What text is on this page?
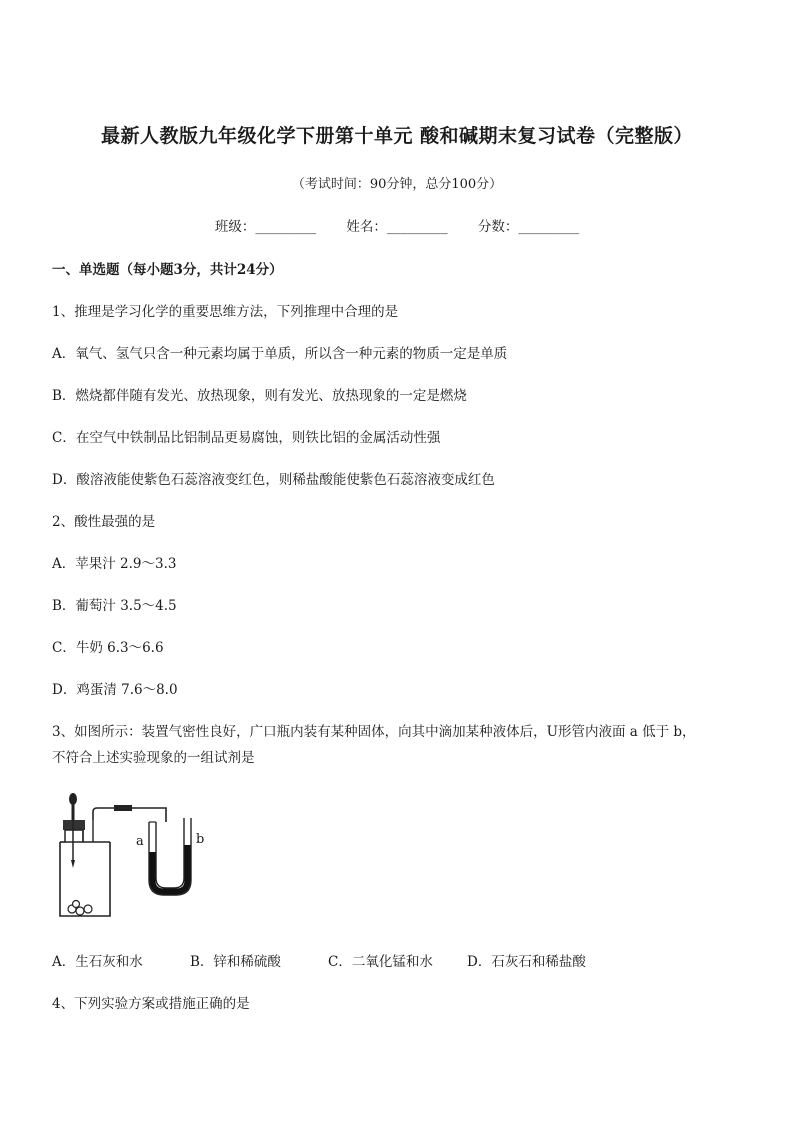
最新人教版九年级化学下册第十单元 酸和碱期末复习试卷（完整版）
（考试时间：90分钟，总分100分）
班级：_________ 姓名：_________ 分数：_________
一、单选题（每小题3分，共计24分）
1、推理是学习化学的重要思维方法，下列推理中合理的是
A．氧气、氢气只含一种元素均属于单质，所以含一种元素的物质一定是单质
B．燃烧都伴随有发光、放热现象，则有发光、放热现象的一定是燃烧
C．在空气中铁制品比铝制品更易腐蚀，则铁比铝的金属活动性强
D．酸溶液能使紫色石蕊溶液变红色，则稀盐酸能使紫色石蕊溶液变成红色
2、酸性最强的是
A．苹果汁 2.9～3.3
B．葡萄汁 3.5～4.5
C．牛奶 6.3～6.6
D．鸡蛋清 7.6～8.0
3、如图所示：装置气密性良好，广口瓶内装有某种固体，向其中滴加某种液体后，U形管内液面 a 低于 b，
不符合上述实验现象的一组试剂是
a	b
A．生石灰和水	B．锌和稀硫酸	C．二氧化锰和水	D．石灰石和稀盐酸
4、下列实验方案或措施正确的是
